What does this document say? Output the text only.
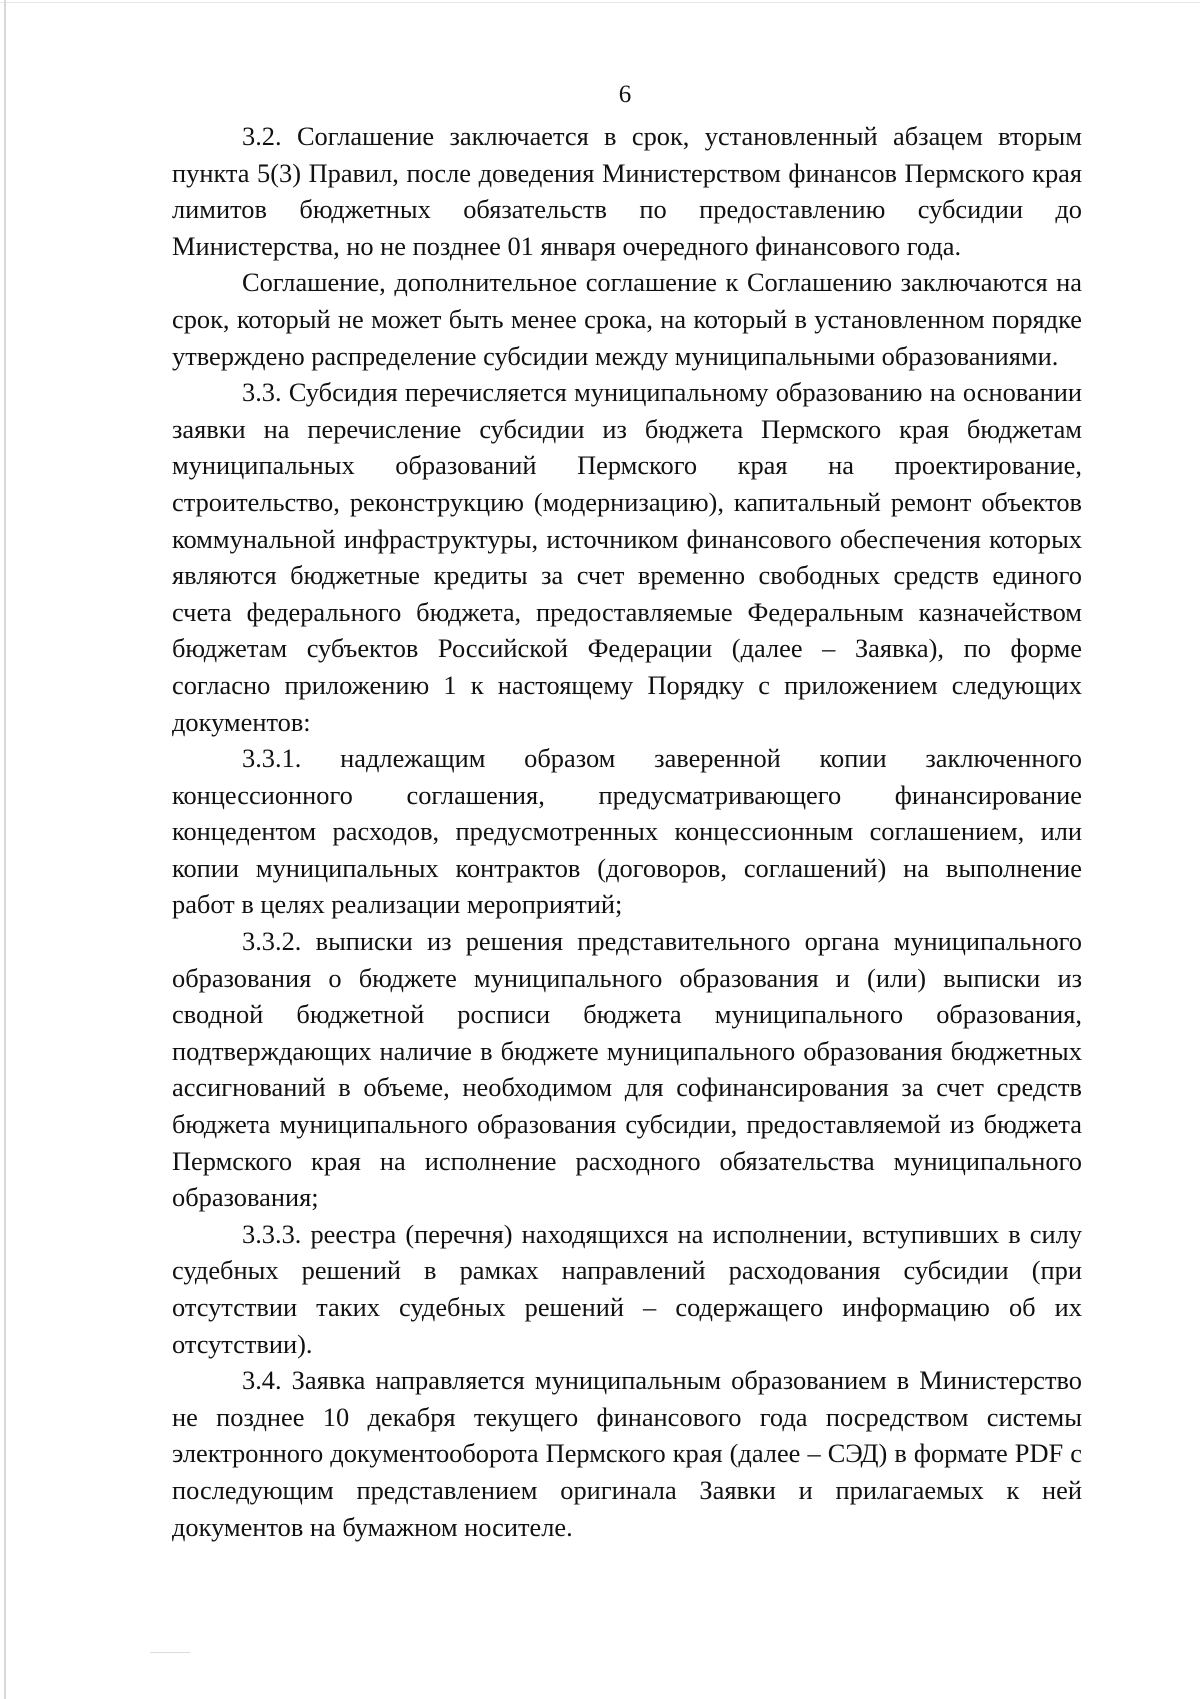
6

3.2. Соглашение заключается в срок, установленный абзацем вторым пункта 5(3) Правил, после доведения Министерством финансов Пермского края лимитов бюджетных обязательств по предоставлению субсидии до Министерства, но не позднее 01 января очередного финансового года.

Соглашение, дополнительное соглашение к Соглашению заключаются на срок, который не может быть менее срока, на который в установленном порядке утверждено распределение субсидии между муниципальными образованиями.

3.3. Субсидия перечисляется муниципальному образованию на основании заявки на перечисление субсидии из бюджета Пермского края бюджетам муниципальных образований Пермского края на проектирование, строительство, реконструкцию (модернизацию), капитальный ремонт объектов коммунальной инфраструктуры, источником финансового обеспечения которых являются бюджетные кредиты за счет временно свободных средств единого счета федерального бюджета, предоставляемые Федеральным казначейством бюджетам субъектов Российской Федерации (далее – Заявка), по форме согласно приложению 1 к настоящему Порядку с приложением следующих документов:

3.3.1. надлежащим образом заверенной копии заключенного концессионного соглашения, предусматривающего финансирование концедентом расходов, предусмотренных концессионным соглашением, или копии муниципальных контрактов (договоров, соглашений) на выполнение работ в целях реализации мероприятий;

3.3.2. выписки из решения представительного органа муниципального образования о бюджете муниципального образования и (или) выписки из сводной бюджетной росписи бюджета муниципального образования, подтверждающих наличие в бюджете муниципального образования бюджетных ассигнований в объеме, необходимом для софинансирования за счет средств бюджета муниципального образования субсидии, предоставляемой из бюджета Пермского края на исполнение расходного обязательства муниципального образования;

3.3.3. реестра (перечня) находящихся на исполнении, вступивших в силу судебных решений в рамках направлений расходования субсидии (при отсутствии таких судебных решений – содержащего информацию об их отсутствии).

3.4. Заявка направляется муниципальным образованием в Министерство не позднее 10 декабря текущего финансового года посредством системы электронного документооборота Пермского края (далее – СЭД) в формате PDF с последующим представлением оригинала Заявки и прилагаемых к ней документов на бумажном носителе.
